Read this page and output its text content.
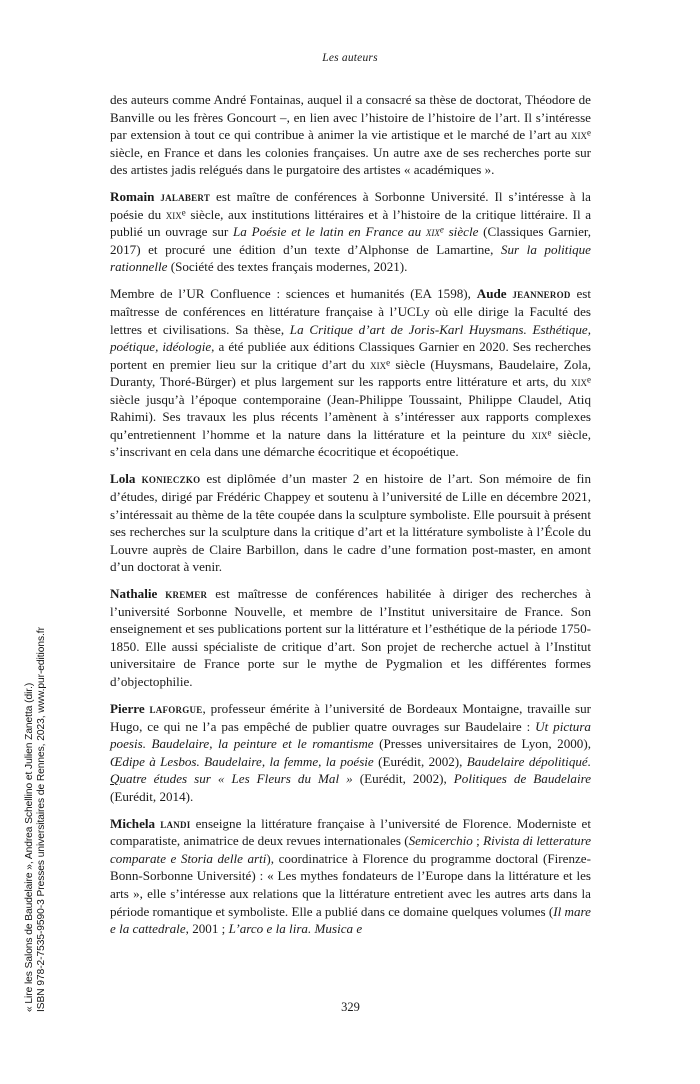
Les auteurs

des auteurs comme André Fontainas, auquel il a consacré sa thèse de doctorat, Théodore de Banville ou les frères Goncourt –, en lien avec l’histoire de l’histoire de l’art. Il s’intéresse par extension à tout ce qui contribue à animer la vie artistique et le marché de l’art au xix$^e$ siècle, en France et dans les colonies françaises. Un autre axe de ses recherches porte sur des artistes jadis relégués dans le purgatoire des artistes « académiques ».

Romain jalabert est maître de conférences à Sorbonne Université. Il s’intéresse à la poésie du xix$^e$ siècle, aux institutions littéraires et à l’histoire de la critique littéraire. Il a publié un ouvrage sur La Poésie et le latin en France au xix$^e$ siècle (Classiques Garnier, 2017) et procuré une édition d’un texte d’Alphonse de Lamartine, Sur la politique rationnelle (Société des textes français modernes, 2021).

Membre de l’UR Confluence : sciences et humanités (EA 1598), Aude jeannerod est maîtresse de conférences en littérature française à l’UCLy où elle dirige la Faculté des lettres et civilisations. Sa thèse, La Critique d’art de Joris-Karl Huysmans. Esthétique, poétique, idéologie, a été publiée aux éditions Classiques Garnier en 2020. Ses recherches portent en premier lieu sur la critique d’art du xix$^e$ siècle (Huysmans, Baudelaire, Zola, Duranty, Thoré-Bürger) et plus largement sur les rapports entre littérature et arts, du xix$^e$ siècle jusqu’à l’époque contemporaine (Jean-Philippe Toussaint, Philippe Claudel, Atiq Rahimi). Ses travaux les plus récents l’amènent à s’intéresser aux rapports complexes qu’entretiennent l’homme et la nature dans la littérature et la peinture du xix$^e$ siècle, s’inscrivant en cela dans une démarche écocritique et écopoétique.

Lola konieczko est diplômée d’un master 2 en histoire de l’art. Son mémoire de fin d’études, dirigé par Frédéric Chappey et soutenu à l’université de Lille en décembre 2021, s’intéressait au thème de la tête coupée dans la sculpture symboliste. Elle poursuit à présent ses recherches sur la sculpture dans la critique d’art et la littérature symboliste à l’École du Louvre auprès de Claire Barbillon, dans le cadre d’une formation post-master, en amont d’un doctorat à venir.

Nathalie kremer est maîtresse de conférences habilitée à diriger des recherches à l’université Sorbonne Nouvelle, et membre de l’Institut universitaire de France. Son enseignement et ses publications portent sur la littérature et l’esthétique de la période 1750-1850. Elle aussi spécialiste de critique d’art. Son projet de recherche actuel à l’Institut universitaire de France porte sur le mythe de Pygmalion et les différentes formes d’objectophilie.

Pierre laforgue, professeur émérite à l’université de Bordeaux Montaigne, travaille sur Hugo, ce qui ne l’a pas empêché de publier quatre ouvrages sur Baudelaire : Ut pictura poesis. Baudelaire, la peinture et le romantisme (Presses universitaires de Lyon, 2000), Œdipe à Lesbos. Baudelaire, la femme, la poésie (Eurédit, 2002), Baudelaire dépolitiqué. Quatre études sur « Les Fleurs du Mal » (Eurédit, 2002), Politiques de Baudelaire (Eurédit, 2014).

Michela landi enseigne la littérature française à l’université de Florence. Moderniste et comparatiste, animatrice de deux revues internationales (Semicerchio ; Rivista di letterature comparate e Storia delle arti), coordinatrice à Florence du programme doctoral (Firenze-Bonn-Sorbonne Université) : « Les mythes fondateurs de l’Europe dans la littérature et les arts », elle s’intéresse aux relations que la littérature entretient avec les autres arts dans la période romantique et symboliste. Elle a publié dans ce domaine quelques volumes (Il mare e la cattedrale, 2001 ; L’arco e la lira. Musica e

329
« Lire les Salons de Baudelaire », Andrea Schellino et Julien Zanetta (dir.) ISBN 978-2-7535-9590-3 Presses universitaires de Rennes, 2023, www.pur-editions.fr
